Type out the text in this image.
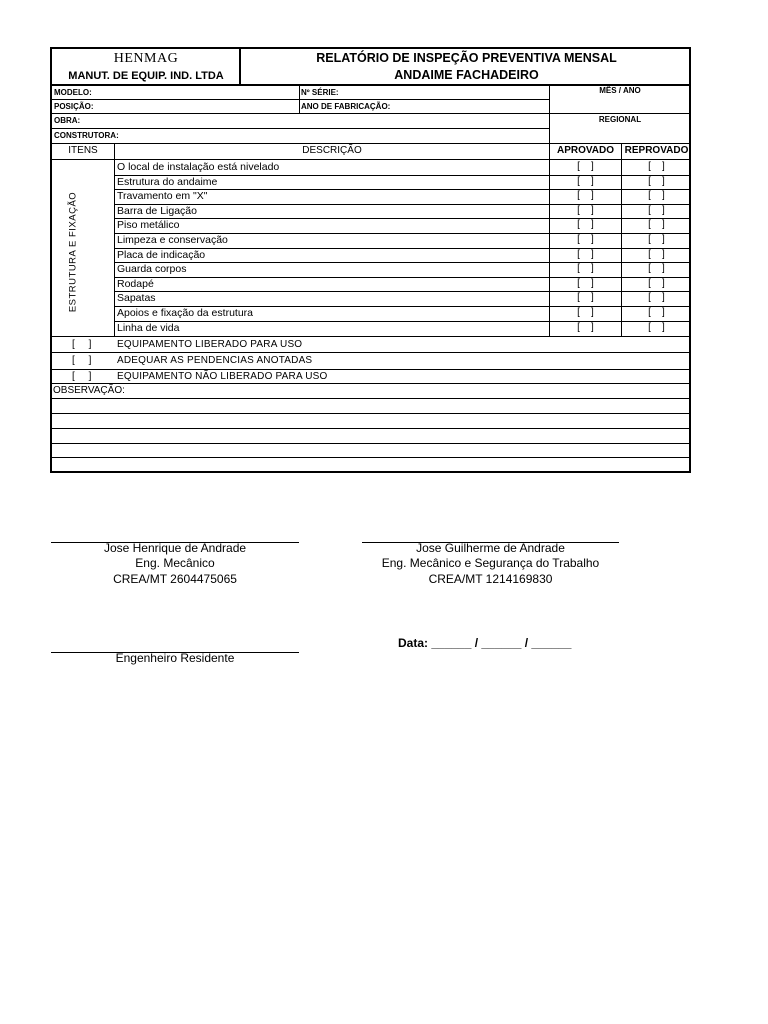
HENMAG
MANUT. DE EQUIP. IND. LTDA
RELATÓRIO DE INSPEÇÃO PREVENTIVA MENSAL
ANDAIME FACHADEIRO
MODELO:
POSIÇÃO:
OBRA:
CONSTRUTORA:
Nº SÉRIE:
ANO DE FABRICAÇÃO:
MÊS / ANO
REGIONAL
ITENS	DESCRIÇÃO	APROVADO	REPROVADO
ESTRUTURA E FIXAÇÃO
O local de instalação está nivelado	[    ]	[    ]
Estrutura do andaime	[    ]	[    ]
Travamento em "X"	[    ]	[    ]
Barra de Ligação	[    ]	[    ]
Piso metálico	[    ]	[    ]
Limpeza e conservação	[    ]	[    ]
Placa de indicação	[    ]	[    ]
Guarda corpos	[    ]	[    ]
Rodapé	[    ]	[    ]
Sapatas	[    ]	[    ]
Apoios e fixação da estrutura	[    ]	[    ]
Linha de vida	[    ]	[    ]
[     ]	EQUIPAMENTO LIBERADO PARA USO
[     ]	ADEQUAR AS PENDENCIAS ANOTADAS
[     ]	EQUIPAMENTO NÃO LIBERADO PARA USO
OBSERVAÇÃO:
Jose Henrique de Andrade
Eng. Mecânico
CREA/MT 2604475065
Jose Guilherme de Andrade
Eng. Mecânico e Segurança do Trabalho
CREA/MT 1214169830
Data: ______ / ______ / ______
Engenheiro Residente
